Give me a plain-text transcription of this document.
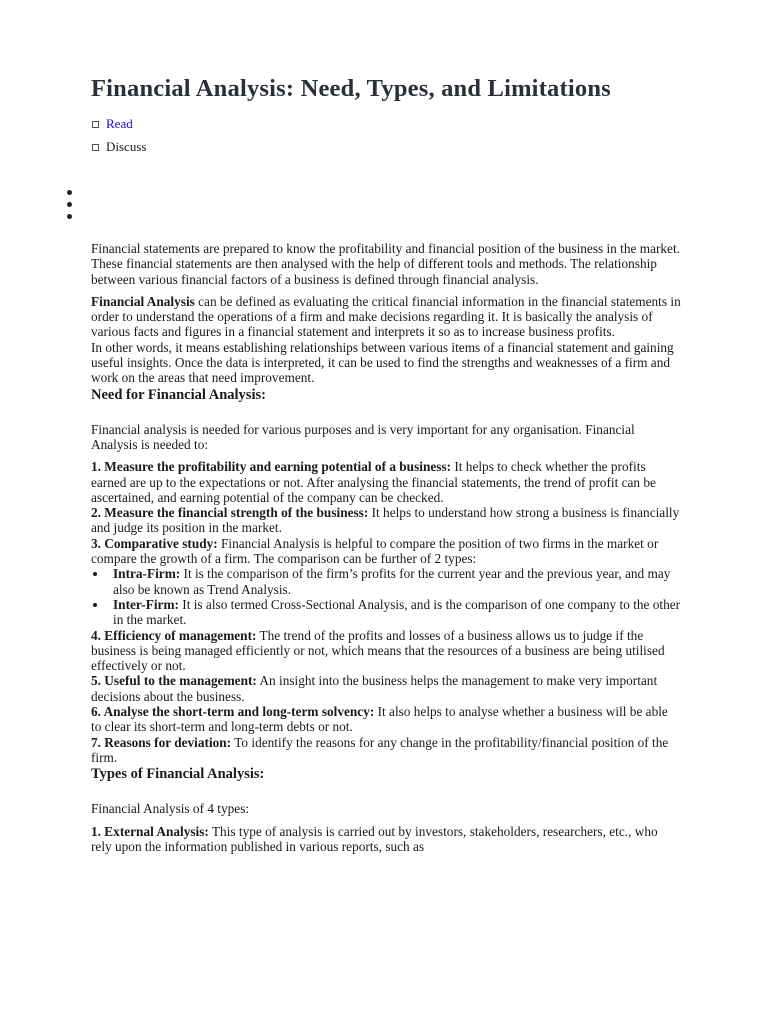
Financial Analysis: Need, Types, and Limitations
Read
Discuss

Financial statements are prepared to know the profitability and financial position of the business in the market. These financial statements are then analysed with the help of different tools and methods. The relationship between various financial factors of a business is defined through financial analysis.

Financial Analysis can be defined as evaluating the critical financial information in the financial statements in order to understand the operations of a firm and make decisions regarding it. It is basically the analysis of various facts and figures in a financial statement and interprets it so as to increase business profits.

In other words, it means establishing relationships between various items of a financial statement and gaining useful insights. Once the data is interpreted, it can be used to find the strengths and weaknesses of a firm and work on the areas that need improvement.

Need for Financial Analysis:

Financial analysis is needed for various purposes and is very important for any organisation. Financial Analysis is needed to:

1. Measure the profitability and earning potential of a business: It helps to check whether the profits earned are up to the expectations or not. After analysing the financial statements, the trend of profit can be ascertained, and earning potential of the company can be checked.

2. Measure the financial strength of the business: It helps to understand how strong a business is financially and judge its position in the market.

3. Comparative study: Financial Analysis is helpful to compare the position of two firms in the market or compare the growth of a firm. The comparison can be further of 2 types:

Intra-Firm: It is the comparison of the firm’s profits for the current year and the previous year, and may also be known as Trend Analysis.
Inter-Firm: It is also termed Cross-Sectional Analysis, and is the comparison of one company to the other in the market.

4. Efficiency of management: The trend of the profits and losses of a business allows us to judge if the business is being managed efficiently or not, which means that the resources of a business are being utilised effectively or not.

5. Useful to the management: An insight into the business helps the management to make very important decisions about the business.

6. Analyse the short-term and long-term solvency: It also helps to analyse whether a business will be able to clear its short-term and long-term debts or not.

7. Reasons for deviation: To identify the reasons for any change in the profitability/financial position of the firm.

Types of Financial Analysis:

Financial Analysis of 4 types:

1. External Analysis: This type of analysis is carried out by investors, stakeholders, researchers, etc., who rely upon the information published in various reports, such as
